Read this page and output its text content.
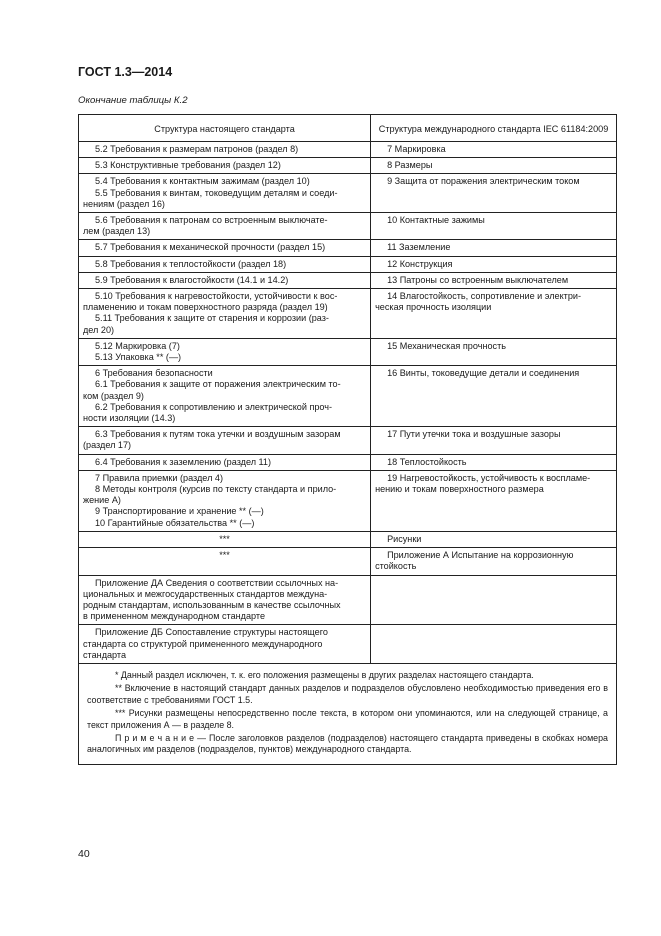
ГОСТ 1.3—2014
Окончание таблицы К.2
Структура настоящего стандарта	Структура международного стандарта IEC 61184:2009

5.2 Требования к размерам патронов (раздел 8)	7 Маркировка

5.3 Конструктивные требования (раздел 12)	8 Размеры

5.4 Требования к контактным зажимам (раздел 10)
5.5 Требования к винтам, токоведущим деталям и соеди-
нениям (раздел 16)	9 Защита от поражения электрическим током

5.6 Требования к патронам со встроенным выключате-
лем (раздел 13)	10 Контактные зажимы

5.7 Требования к механической прочности (раздел 15)	11 Заземление

5.8 Требования к теплостойкости (раздел 18)	12 Конструкция

5.9 Требования к влагостойкости (14.1 и 14.2)	13 Патроны со встроенным выключателем

5.10 Требования к нагревостойкости, устойчивости к вос-
пламенению и токам поверхностного разряда (раздел 19)
5.11 Требования к защите от старения и коррозии (раз-
дел 20)	14 Влагостойкость, сопротивление и электри-
ческая прочность изоляции

5.12 Маркировка (7)
5.13 Упаковка ** (—)	15 Механическая прочность

6 Требования безопасности
6.1 Требования к защите от поражения электрическим то-
ком (раздел 9)
6.2 Требования к сопротивлению и электрической проч-
ности изоляции (14.3)	16 Винты, токоведущие детали и соединения

6.3 Требования к путям тока утечки и воздушным зазорам
(раздел 17)	17 Пути утечки тока и воздушные зазоры

6.4 Требования к заземлению (раздел 11)	18 Теплостойкость

7 Правила приемки (раздел 4)
8 Методы контроля (курсив по тексту стандарта и прило-
жение А)
9 Транспортирование и хранение ** (—)
10 Гарантийные обязательства ** (—)	19 Нагревостойкость, устойчивость к воспламе-
нению и токам поверхностного размера

***	Рисунки

***	Приложение А Испытание на коррозионную
стойкость

Приложение ДА Сведения о соответствии ссылочных на-
циональных и межгосударственных стандартов междуна-
родным стандартам, использованным в качестве ссылочных
в примененном международном стандарте	

Приложение ДБ Сопоставление структуры настоящего
стандарта со структурой примененного международного
стандарта	

* Данный раздел исключен, т. к. его положения размещены в других разделах настоящего стандарта.
** Включение в настоящий стандарт данных разделов и подразделов обусловлено необходимостью приведения его в соответствие с требованиями ГОСТ 1.5.
*** Рисунки размещены непосредственно после текста, в котором они упоминаются, или на следующей странице, а текст приложения А — в разделе 8.
П р и м е ч а н и е — После заголовков разделов (подразделов) настоящего стандарта приведены в скобках номера аналогичных им разделов (подразделов, пунктов) международного стандарта.	
40
